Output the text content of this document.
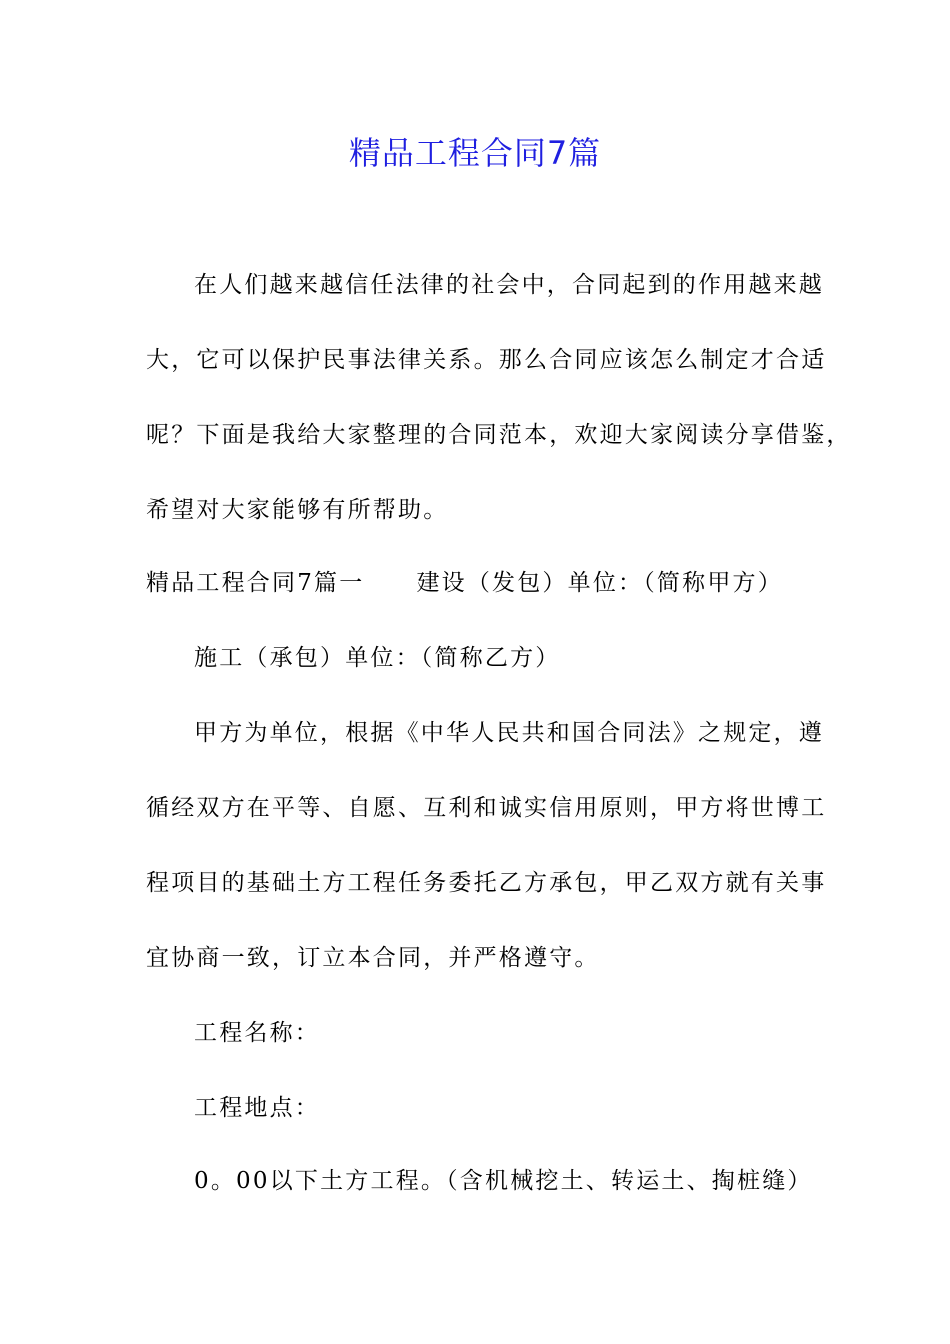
精品工程合同7篇
在人们越来越信任法律的社会中，合同起到的作用越来越
大，它可以保护民事法律关系。那么合同应该怎么制定才合适
呢？下面是我给大家整理的合同范本，欢迎大家阅读分享借鉴，
希望对大家能够有所帮助。
精品工程合同7篇一 建设（发包）单位：（简称甲方）
施工（承包）单位：（简称乙方）
甲方为单位，根据《中华人民共和国合同法》之规定，遵
循经双方在平等、自愿、互利和诚实信用原则，甲方将世博工
程项目的基础土方工程任务委托乙方承包，甲乙双方就有关事
宜协商一致，订立本合同，并严格遵守。
工程名称：
工程地点：
0。00以下土方工程。（含机械挖土、转运土、掏桩缝）
